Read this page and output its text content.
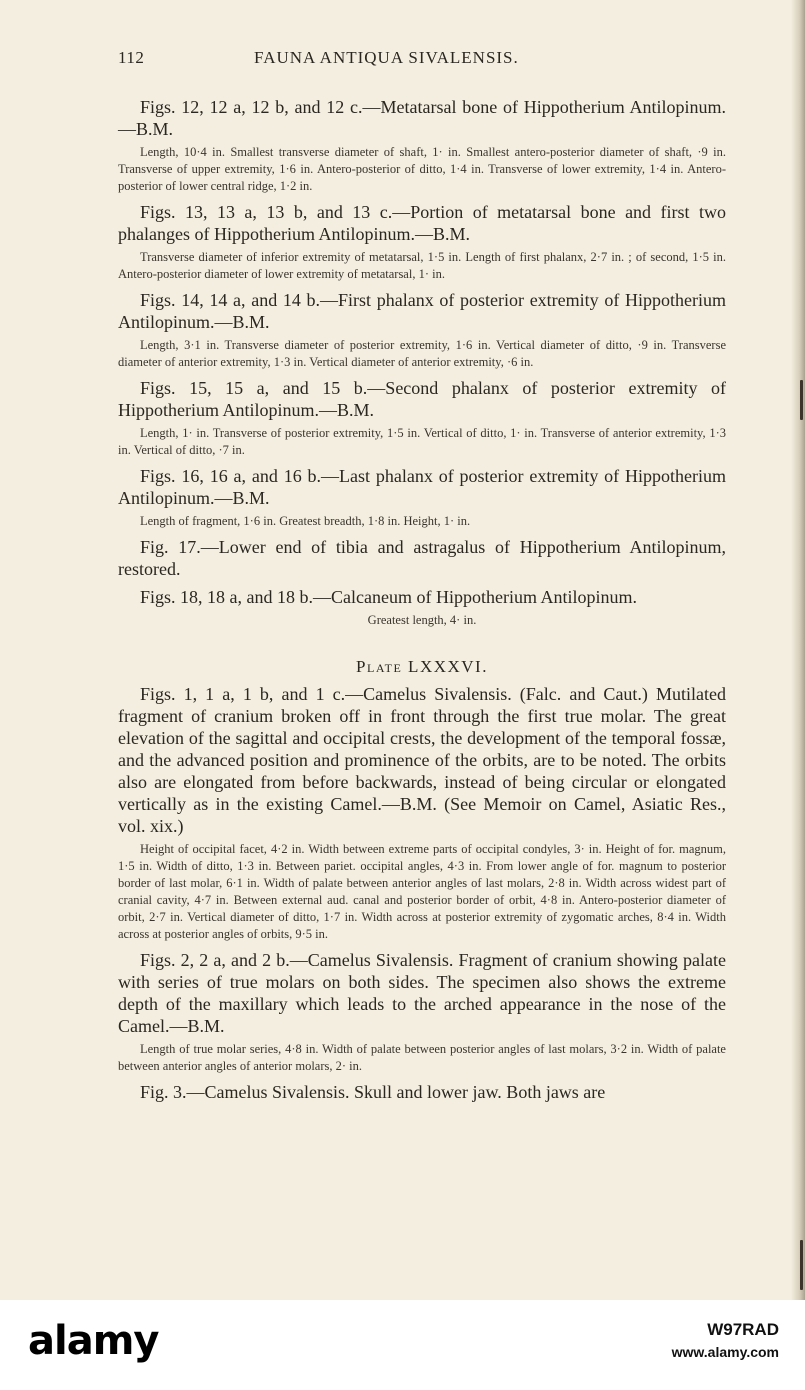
112	FAUNA ANTIQUA SIVALENSIS.

Figs. 12, 12 a, 12 b, and 12 c.—Metatarsal bone of Hippotherium Antilopinum.—B.M.

Length, 10·4 in. Smallest transverse diameter of shaft, 1· in. Smallest antero-posterior diameter of shaft, ·9 in. Transverse of upper extremity, 1·6 in. Antero-posterior of ditto, 1·4 in. Transverse of lower extremity, 1·4 in. Antero-posterior of lower central ridge, 1·2 in.

Figs. 13, 13 a, 13 b, and 13 c.—Portion of metatarsal bone and first two phalanges of Hippotherium Antilopinum.—B.M.

Transverse diameter of inferior extremity of metatarsal, 1·5 in. Length of first phalanx, 2·7 in. ; of second, 1·5 in. Antero-posterior diameter of lower extremity of metatarsal, 1· in.

Figs. 14, 14 a, and 14 b.—First phalanx of posterior extremity of Hippotherium Antilopinum.—B.M.

Length, 3·1 in. Transverse diameter of posterior extremity, 1·6 in. Vertical diameter of ditto, ·9 in. Transverse diameter of anterior extremity, 1·3 in. Vertical diameter of anterior extremity, ·6 in.

Figs. 15, 15 a, and 15 b.—Second phalanx of posterior extremity of Hippotherium Antilopinum.—B.M.

Length, 1· in. Transverse of posterior extremity, 1·5 in. Vertical of ditto, 1· in. Transverse of anterior extremity, 1·3 in. Vertical of ditto, ·7 in.

Figs. 16, 16 a, and 16 b.—Last phalanx of posterior extremity of Hippotherium Antilopinum.—B.M.

Length of fragment, 1·6 in. Greatest breadth, 1·8 in. Height, 1· in.

Fig. 17.—Lower end of tibia and astragalus of Hippotherium Antilopinum, restored.

Figs. 18, 18 a, and 18 b.—Calcaneum of Hippotherium Antilopinum.

Greatest length, 4· in.

Plate LXXXVI.

Figs. 1, 1 a, 1 b, and 1 c.—Camelus Sivalensis. (Falc. and Caut.) Mutilated fragment of cranium broken off in front through the first true molar. The great elevation of the sagittal and occipital crests, the development of the temporal fossæ, and the advanced position and prominence of the orbits, are to be noted. The orbits also are elongated from before backwards, instead of being circular or elongated vertically as in the existing Camel.—B.M. (See Memoir on Camel, Asiatic Res., vol. xix.)

Height of occipital facet, 4·2 in. Width between extreme parts of occipital condyles, 3· in. Height of for. magnum, 1·5 in. Width of ditto, 1·3 in. Between pariet. occipital angles, 4·3 in. From lower angle of for. magnum to posterior border of last molar, 6·1 in. Width of palate between anterior angles of last molars, 2·8 in. Width across widest part of cranial cavity, 4·7 in. Between external aud. canal and posterior border of orbit, 4·8 in. Antero-posterior diameter of orbit, 2·7 in. Vertical diameter of ditto, 1·7 in. Width across at posterior extremity of zygomatic arches, 8·4 in. Width across at posterior angles of orbits, 9·5 in.

Figs. 2, 2 a, and 2 b.—Camelus Sivalensis. Fragment of cranium showing palate with series of true molars on both sides. The specimen also shows the extreme depth of the maxillary which leads to the arched appearance in the nose of the Camel.—B.M.

Length of true molar series, 4·8 in. Width of palate between posterior angles of last molars, 3·2 in. Width of palate between anterior angles of anterior molars, 2· in.

Fig. 3.—Camelus Sivalensis. Skull and lower jaw. Both jaws are

alamy	W97RAD
www.alamy.com
